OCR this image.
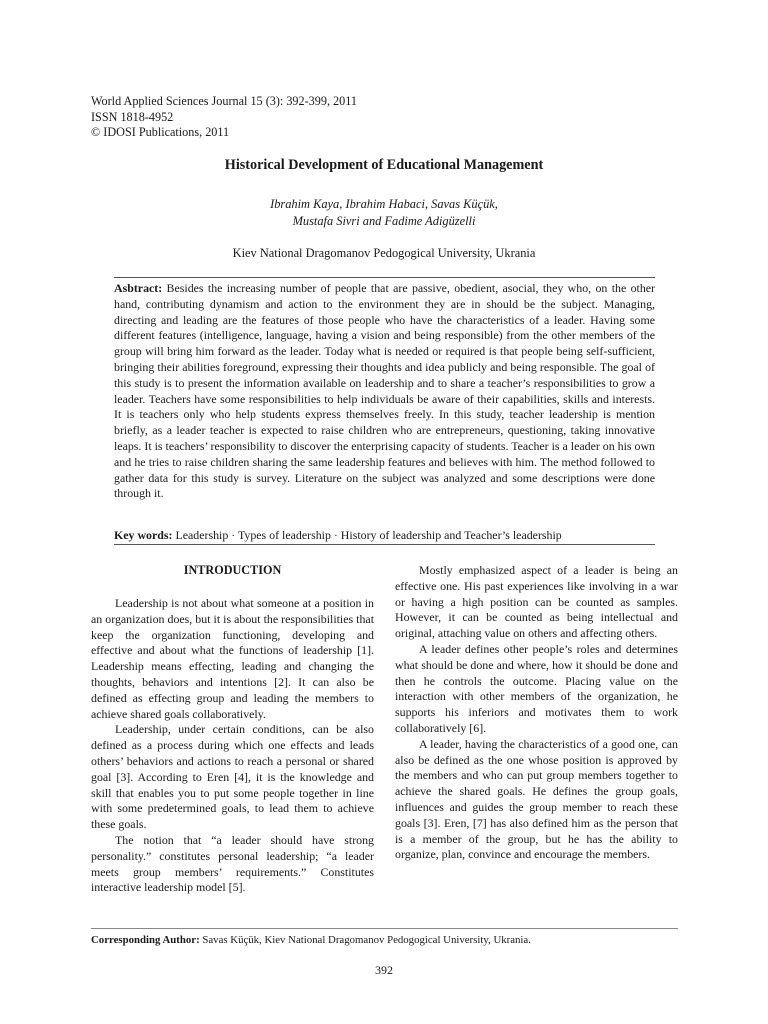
World Applied Sciences Journal 15 (3): 392-399, 2011
ISSN 1818-4952
© IDOSI Publications, 2011
Historical Development of Educational Management
Ibrahim Kaya, Ibrahim Habaci, Savas Küçük,
Mustafa Sivri and Fadime Adigüzelli
Kiev National Dragomanov Pedogogical University, Ukrania
Asbtract: Besides the increasing number of people that are passive, obedient, asocial, they who, on the other hand, contributing dynamism and action to the environment they are in should be the subject. Managing, directing and leading are the features of those people who have the characteristics of a leader. Having some different features (intelligence, language, having a vision and being responsible) from the other members of the group will bring him forward as the leader. Today what is needed or required is that people being self-sufficient, bringing their abilities foreground, expressing their thoughts and idea publicly and being responsible. The goal of this study is to present the information available on leadership and to share a teacher’s responsibilities to grow a leader. Teachers have some responsibilities to help individuals be aware of their capabilities, skills and interests. It is teachers only who help students express themselves freely. In this study, teacher leadership is mention briefly, as a leader teacher is expected to raise children who are entrepreneurs, questioning, taking innovative leaps. It is teachers’ responsibility to discover the enterprising capacity of students. Teacher is a leader on his own and he tries to raise children sharing the same leadership features and believes with him. The method followed to gather data for this study is survey. Literature on the subject was analyzed and some descriptions were done through it.
Key words: Leadership · Types of leadership · History of leadership and Teacher’s leadership
INTRODUCTION

Leadership is not about what someone at a position in an organization does, but it is about the responsibilities that keep the organization functioning, developing and effective and about what the functions of leadership [1]. Leadership means effecting, leading and changing the thoughts, behaviors and intentions [2]. It can also be defined as effecting group and leading the members to achieve shared goals collaboratively.

Leadership, under certain conditions, can be also defined as a process during which one effects and leads others’ behaviors and actions to reach a personal or shared goal [3]. According to Eren [4], it is the knowledge and skill that enables you to put some people together in line with some predetermined goals, to lead them to achieve these goals.

The notion that “a leader should have strong personality.” constitutes personal leadership; “a leader meets group members’ requirements.” Constitutes interactive leadership model [5].

Mostly emphasized aspect of a leader is being an effective one. His past experiences like involving in a war or having a high position can be counted as samples. However, it can be counted as being intellectual and original, attaching value on others and affecting others.

A leader defines other people’s roles and determines what should be done and where, how it should be done and then he controls the outcome. Placing value on the interaction with other members of the organization, he supports his inferiors and motivates them to work collaboratively [6].

A leader, having the characteristics of a good one, can also be defined as the one whose position is approved by the members and who can put group members together to achieve the shared goals. He defines the group goals, influences and guides the group member to reach these goals [3]. Eren, [7] has also defined him as the person that is a member of the group, but he has the ability to organize, plan, convince and encourage the members.

Corresponding Author: Savas Küçük, Kiev National Dragomanov Pedogogical University, Ukrania.
392
